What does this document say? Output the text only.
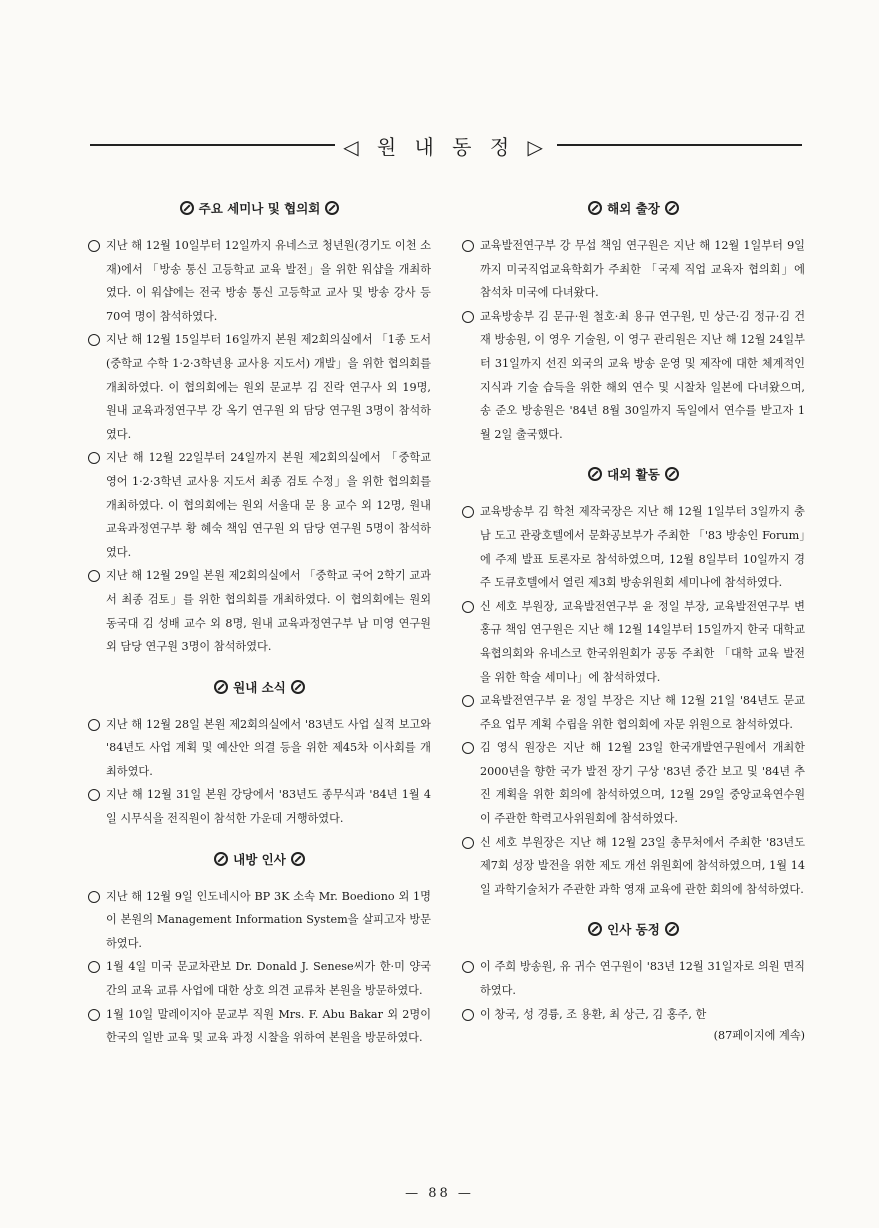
◁ 원 내 동 정 ▷
주요 세미나 및 협의회

지난 해 12월 10일부터 12일까지 유네스코 청년원(경기도 이천 소재)에서 「방송 통신 고등학교 교육 발전」을 위한 워샵을 개최하였다. 이 워샵에는 전국 방송 통신 고등학교 교사 및 방송 강사 등 70여 명이 참석하였다.

지난 해 12월 15일부터 16일까지 본원 제2회의실에서 「1종 도서(중학교 수학 1·2·3학년용 교사용 지도서) 개발」을 위한 협의회를 개최하였다. 이 협의회에는 원외 문교부 김 진락 연구사 외 19명, 원내 교육과정연구부 강 옥기 연구원 외 담당 연구원 3명이 참석하였다.

지난 해 12월 22일부터 24일까지 본원 제2회의실에서 「중학교 영어 1·2·3학년 교사용 지도서 최종 검토 수정」을 위한 협의회를 개최하였다. 이 협의회에는 원외 서울대 문 용 교수 외 12명, 원내 교육과정연구부 황 혜숙 책임 연구원 외 담당 연구원 5명이 참석하였다.

지난 해 12월 29일 본원 제2회의실에서 「중학교 국어 2학기 교과서 최종 검토」를 위한 협의회를 개최하였다. 이 협의회에는 원외 동국대 김 성배 교수 외 8명, 원내 교육과정연구부 남 미영 연구원 외 담당 연구원 3명이 참석하였다.

원내 소식

지난 해 12월 28일 본원 제2회의실에서 '83년도 사업 실적 보고와 '84년도 사업 계획 및 예산안 의결 등을 위한 제45차 이사회를 개최하였다.

지난 해 12월 31일 본원 강당에서 '83년도 종무식과 '84년 1월 4일 시무식을 전직원이 참석한 가운데 거행하였다.

내방 인사

지난 해 12월 9일 인도네시아 BP 3K 소속 Mr. Boediono 외 1명이 본원의 Management Information System을 살피고자 방문하였다.

1월 4일 미국 문교차관보 Dr. Donald J. Senese씨가 한·미 양국 간의 교육 교류 사업에 대한 상호 의견 교류차 본원을 방문하였다.

1월 10일 말레이지아 문교부 직원 Mrs. F. Abu Bakar 외 2명이 한국의 일반 교육 및 교육 과정 시찰을 위하여 본원을 방문하였다.

해외 출장

교육발전연구부 강 무섭 책임 연구원은 지난 해 12월 1일부터 9일까지 미국직업교육학회가 주최한 「국제 직업 교육자 협의회」에 참석차 미국에 다녀왔다.

교육방송부 김 문규·원 철호·최 용규 연구원, 민 상근·김 정규·김 건재 방송원, 이 영우 기술원, 이 영구 관리원은 지난 해 12월 24일부터 31일까지 선진 외국의 교육 방송 운영 및 제작에 대한 체계적인 지식과 기술 습득을 위한 해외 연수 및 시찰차 일본에 다녀왔으며, 송 준오 방송원은 '84년 8월 30일까지 독일에서 연수를 받고자 1월 2일 출국했다.

대외 활동

교육방송부 김 학천 제작국장은 지난 해 12월 1일부터 3일까지 충남 도고 관광호텔에서 문화공보부가 주최한 「'83 방송인 Forum」에 주제 발표 토론자로 참석하였으며, 12월 8일부터 10일까지 경주 도큐호텔에서 열린 제3회 방송위원회 세미나에 참석하였다.

신 세호 부원장, 교육발전연구부 윤 정일 부장, 교육발전연구부 변 홍규 책임 연구원은 지난 해 12월 14일부터 15일까지 한국 대학교육협의회와 유네스코 한국위원회가 공동 주최한 「대학 교육 발전을 위한 학술 세미나」에 참석하였다.

교육발전연구부 윤 정일 부장은 지난 해 12월 21일 '84년도 문교 주요 업무 계획 수립을 위한 협의회에 자문 위원으로 참석하였다.

김 영식 원장은 지난 해 12월 23일 한국개발연구원에서 개최한 2000년을 향한 국가 발전 장기 구상 '83년 중간 보고 및 '84년 추진 계획을 위한 회의에 참석하였으며, 12월 29일 중앙교육연수원이 주관한 학력고사위원회에 참석하였다.

신 세호 부원장은 지난 해 12월 23일 총무처에서 주최한 '83년도 제7회 성장 발전을 위한 제도 개선 위원회에 참석하였으며, 1월 14일 과학기술처가 주관한 과학 영재 교육에 관한 회의에 참석하였다.

인사 동정

이 주희 방송원, 유 귀수 연구원이 '83년 12월 31일자로 의원 면직하였다.

이 창국, 성 경륭, 조 용환, 최 상근, 김 홍주, 한

(87페이지에 계속)
— 88 —
